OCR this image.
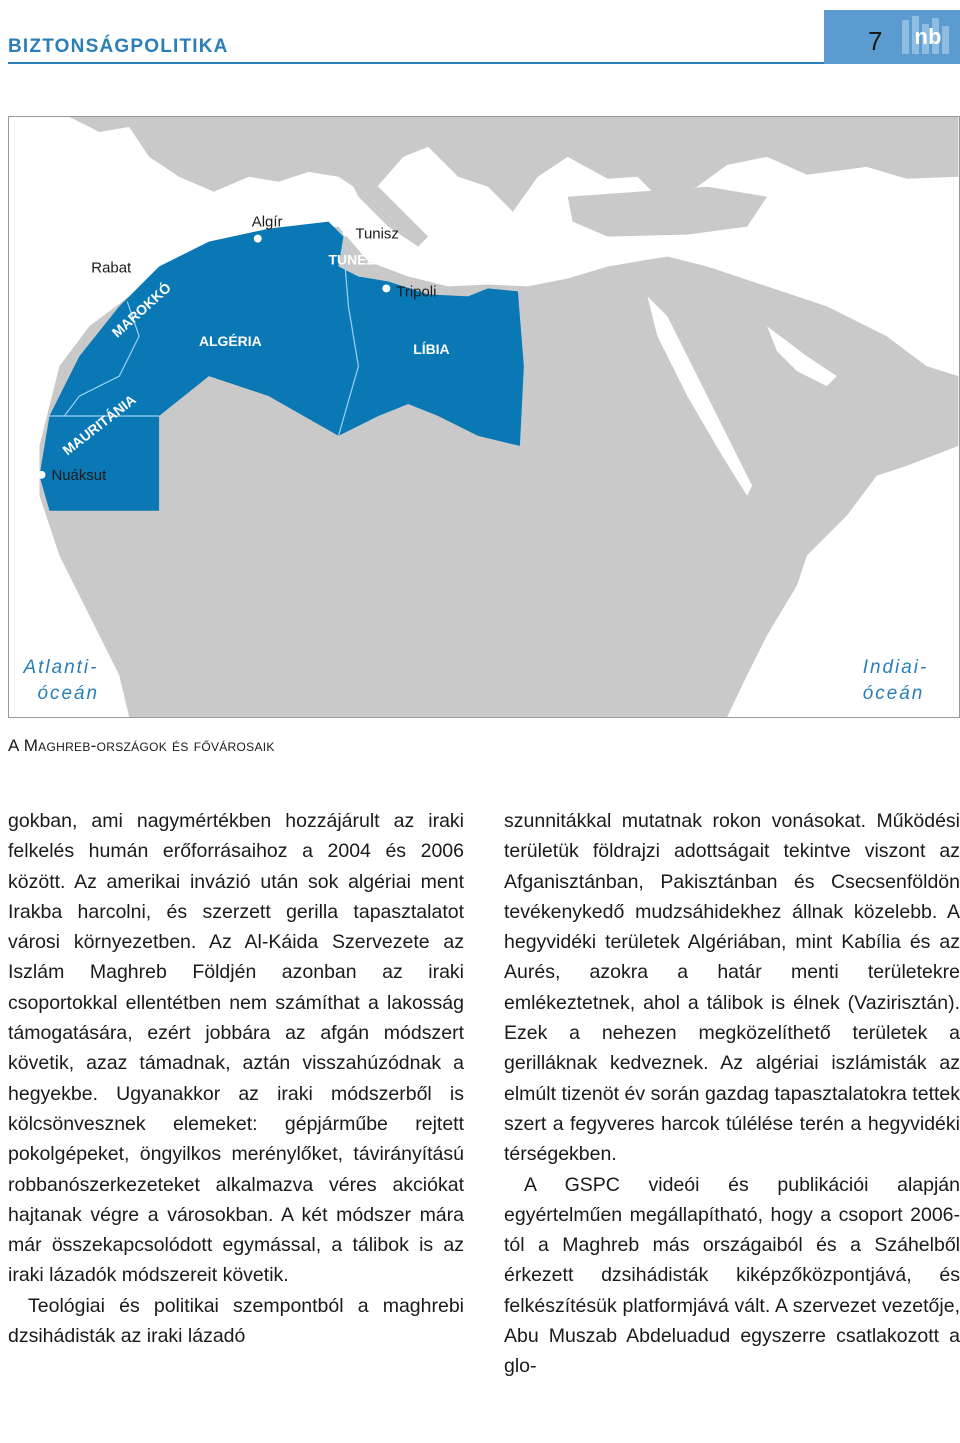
BIZTONSÁGPOLITIKA	7 nb
Rabat
Algír
Tunisz
Tripoli
Nuáksut
TUNÉZIA
ALGÉRIA	LÍBIA
MAROKKÓ
MAURITÁNIA
Atlanti-
óceán
Indiai-
óceán
A Maghreb-országok és fővárosaik

gokban, ami nagymértékben hozzájárult az iraki felkelés humán erőforrásaihoz a 2004 és 2006 között. Az amerikai invázió után sok algériai ment Irakba harcolni, és szerzett gerilla tapasztalatot városi környezetben. Az Al-Káida Szervezete az Iszlám Maghreb Földjén azonban az iraki csoportokkal ellentétben nem számíthat a lakosság támogatására, ezért jobbára az afgán módszert követik, azaz támadnak, aztán visszahúzódnak a hegyekbe. Ugyanakkor az iraki módszerből is kölcsönvesznek elemeket: gépjárműbe rejtett pokolgépeket, öngyilkos merénylőket, távirányítású robbanószerkezeteket alkalmazva véres akciókat hajtanak végre a városokban. A két módszer mára már összekapcsolódott egymással, a tálibok is az iraki lázadók módszereit követik.

Teológiai és politikai szempontból a maghrebi dzsihádisták az iraki lázadó

szunnitákkal mutatnak rokon vonásokat. Működési területük földrajzi adottságait tekintve viszont az Afganisztánban, Pakisztánban és Csecsenföldön tevékenykedő mudzsáhidekhez állnak közelebb. A hegyvidéki területek Algériában, mint Kabília és az Aurés, azokra a határ menti területekre emlékeztetnek, ahol a tálibok is élnek (Vazirisztán). Ezek a nehezen megközelíthető területek a gerilláknak kedveznek. Az algériai iszlámisták az elmúlt tizenöt év során gazdag tapasztalatokra tettek szert a fegyveres harcok túlélése terén a hegyvidéki térségekben.

A GSPC videói és publikációi alapján egyértelműen megállapítható, hogy a csoport 2006-tól a Maghreb más országaiból és a Száhelből érkezett dzsihádisták kiképzőközpontjává, és felkészítésük platformjává vált. A szervezet vezetője, Abu Muszab Abdeluadud egyszerre csatlakozott a glo-
